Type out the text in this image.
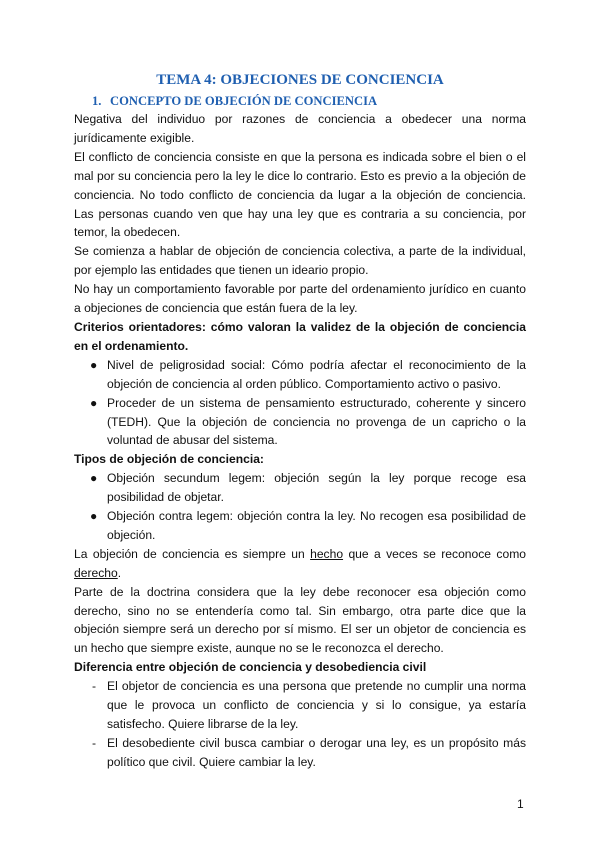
TEMA 4: OBJECIONES DE CONCIENCIA
1. CONCEPTO DE OBJECIÓN DE CONCIENCIA

Negativa del individuo por razones de conciencia a obedecer una norma jurídicamente exigible.

El conflicto de conciencia consiste en que la persona es indicada sobre el bien o el mal por su conciencia pero la ley le dice lo contrario. Esto es previo a la objeción de conciencia. No todo conflicto de conciencia da lugar a la objeción de conciencia. Las personas cuando ven que hay una ley que es contraria a su conciencia, por temor, la obedecen.

Se comienza a hablar de objeción de conciencia colectiva, a parte de la individual, por ejemplo las entidades que tienen un ideario propio.

No hay un comportamiento favorable por parte del ordenamiento jurídico en cuanto a objeciones de conciencia que están fuera de la ley.

Criterios orientadores: cómo valoran la validez de la objeción de conciencia en el ordenamiento.

● Nivel de peligrosidad social: Cómo podría afectar el reconocimiento de la objeción de conciencia al orden público. Comportamiento activo o pasivo.
● Proceder de un sistema de pensamiento estructurado, coherente y sincero (TEDH). Que la objeción de conciencia no provenga de un capricho o la voluntad de abusar del sistema.

Tipos de objeción de conciencia:

● Objeción secundum legem: objeción según la ley porque recoge esa posibilidad de objetar.
● Objeción contra legem: objeción contra la ley. No recogen esa posibilidad de objeción.

La objeción de conciencia es siempre un hecho que a veces se reconoce como derecho.

Parte de la doctrina considera que la ley debe reconocer esa objeción como derecho, sino no se entendería como tal. Sin embargo, otra parte dice que la objeción siempre será un derecho por sí mismo. El ser un objetor de conciencia es un hecho que siempre existe, aunque no se le reconozca el derecho.

Diferencia entre objeción de conciencia y desobediencia civil

- El objetor de conciencia es una persona que pretende no cumplir una norma que le provoca un conflicto de conciencia y si lo consigue, ya estaría satisfecho. Quiere librarse de la ley.
- El desobediente civil busca cambiar o derogar una ley, es un propósito más político que civil. Quiere cambiar la ley.
1
